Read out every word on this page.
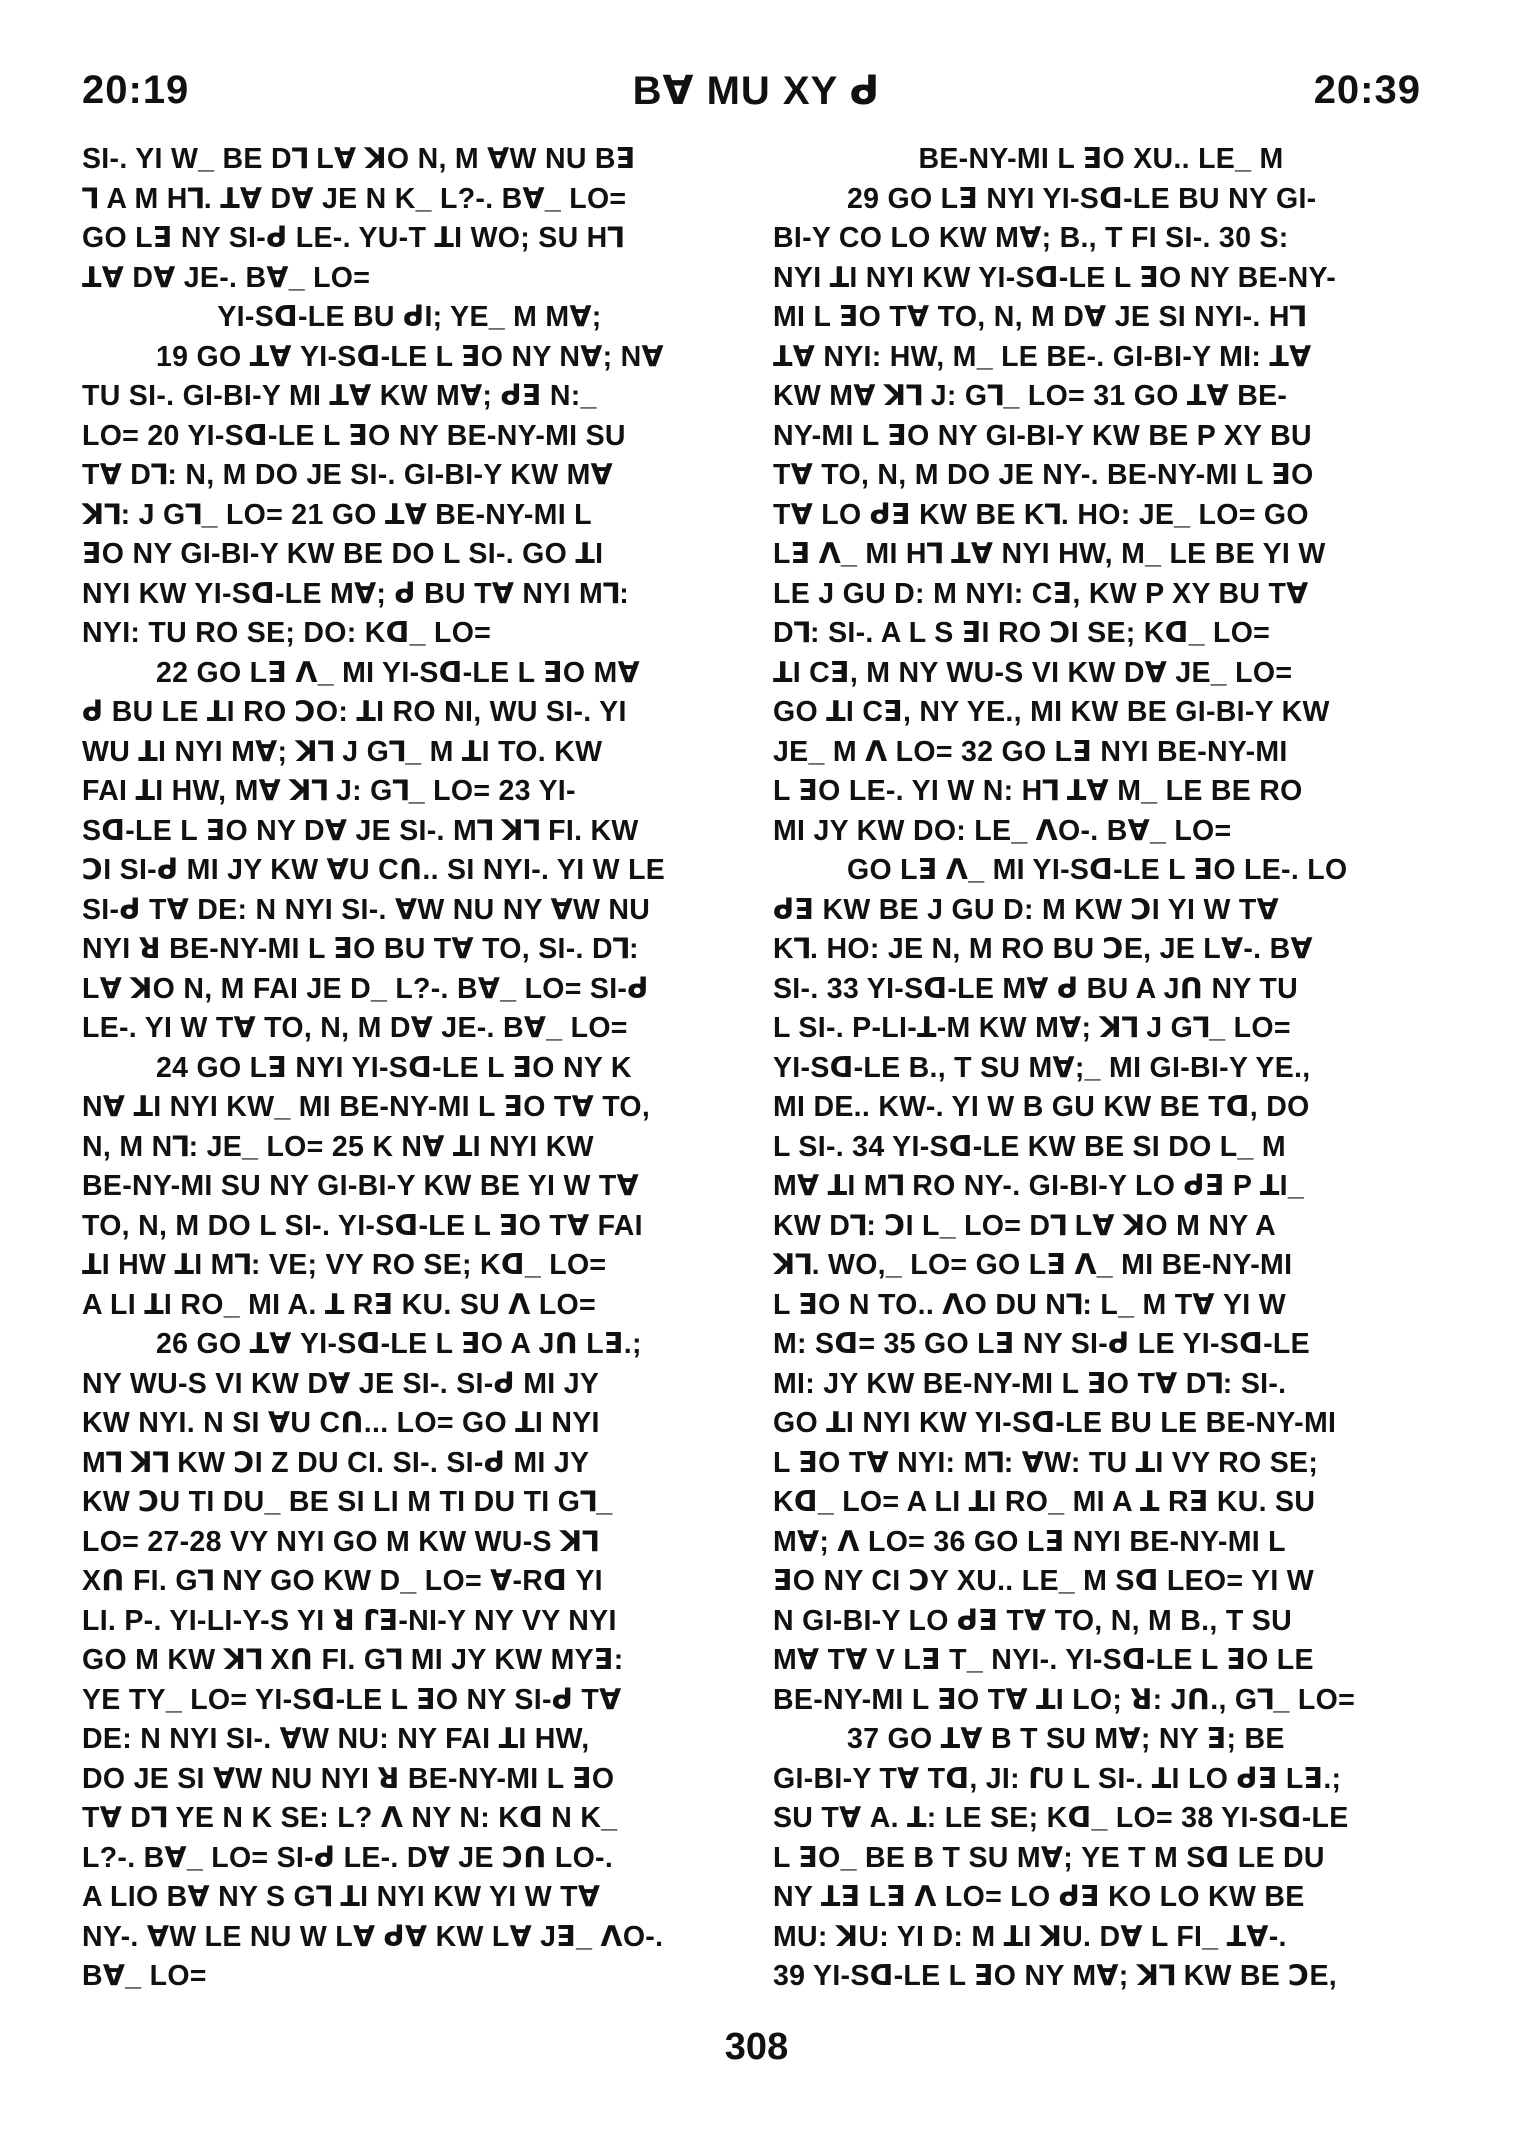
20:19	Bꓯ MU XY ᑯ	20:39
SI-. YI W_ BE Dꓶ Lꓯ ꓘO N, M ꓯW NU Bꓱ
ꓶ A M Hꓶ. ꓕꓯ Dꓯ JE N K_ L?-. Bꓯ_ LO=
GO Lꓱ NY SI-ᑯ LE-. YU-T ꓕI WO; SU Hꓶ
ꓕꓯ Dꓯ JE-. Bꓯ_ LO=
YI-Sꓷ-LE BU ᑯI; YE_ M Mꓯ;
19 GO ꓕꓯ YI-Sꓷ-LE L ꓱO NY Nꓯ; Nꓯ
TU SI-. GI-BI-Y MI ꓕꓯ KW Mꓯ; ᑯꓱ N:_
LO= 20 YI-Sꓷ-LE L ꓱO NY BE-NY-MI SU
Tꓯ Dꓶ: N, M DO JE SI-. GI-BI-Y KW Mꓯ
ꓘꓶ: J Gꓶ_ LO= 21 GO ꓕꓯ BE-NY-MI L
ꓱO NY GI-BI-Y KW BE DO L SI-. GO ꓕI
NYI KW YI-Sꓷ-LE Mꓯ; ᑯ BU Tꓯ NYI Mꓶ:
NYI: TU RO SE; DO: Kꓷ_ LO=
22 GO Lꓱ ꓥ_ MI YI-Sꓷ-LE L ꓱO Mꓯ
ᑯ BU LE ꓕI RO ꓛO: ꓕI RO NI, WU SI-. YI
WU ꓕI NYI Mꓯ; ꓘꓶ J Gꓶ_ M ꓕI TO. KW
FAI ꓕI HW, Mꓯ ꓘꓶ J: Gꓶ_ LO= 23 YI-
Sꓷ-LE L ꓱO NY Dꓯ JE SI-. Mꓶ ꓘꓶ FI. KW
ꓛI SI-ᑯ MI JY KW ꓯU Cꓵ.. SI NYI-. YI W LE
SI-ᑯ Tꓯ DE: N NYI SI-. ꓯW NU NY ꓯW NU
NYI ꓤ BE-NY-MI L ꓱO BU Tꓯ TO, SI-. Dꓶ:
Lꓯ ꓘO N, M FAI JE D_ L?-. Bꓯ_ LO= SI-ᑯ
LE-. YI W Tꓯ TO, N, M Dꓯ JE-. Bꓯ_ LO=
24 GO Lꓱ NYI YI-Sꓷ-LE L ꓱO NY K
Nꓯ ꓕI NYI KW_ MI BE-NY-MI L ꓱO Tꓯ TO,
N, M Nꓶ: JE_ LO= 25 K Nꓯ ꓕI NYI KW
BE-NY-MI SU NY GI-BI-Y KW BE YI W Tꓯ
TO, N, M DO L SI-. YI-Sꓷ-LE L ꓱO Tꓯ FAI
ꓕI HW ꓕI Mꓶ: VE; VY RO SE; Kꓷ_ LO=
A LI ꓕI RO_ MI A. ꓕ Rꓱ KU. SU ꓥ LO=
26 GO ꓕꓯ YI-Sꓷ-LE L ꓱO A Jꓵ Lꓱ.;
NY WU-S VI KW Dꓯ JE SI-. SI-ᑯ MI JY
KW NYI. N SI ꓯU Cꓵ... LO= GO ꓕI NYI
Mꓶ ꓘꓶ KW ꓛI Z DU CI. SI-. SI-ᑯ MI JY
KW ꓛU TI DU_ BE SI LI M TI DU TI Gꓶ_
LO= 27-28 VY NYI GO M KW WU-S ꓘꓶ
Xꓵ FI. Gꓶ NY GO KW D_ LO= ꓯ-Rꓷ YI
LI. P-. YI-LI-Y-S YI ꓤ ꓩꓱ-NI-Y NY VY NYI
GO M KW ꓘꓶ Xꓵ FI. Gꓶ MI JY KW MYꓱ:
YE TY_ LO= YI-Sꓷ-LE L ꓱO NY SI-ᑯ Tꓯ
DE: N NYI SI-. ꓯW NU: NY FAI ꓕI HW,
DO JE SI ꓯW NU NYI ꓤ BE-NY-MI L ꓱO
Tꓯ Dꓶ YE N K SE: L? ꓥ NY N: Kꓷ N K_
L?-. Bꓯ_ LO= SI-ᑯ LE-. Dꓯ JE ꓛꓵ LO-.
A LIO Bꓯ NY S Gꓶ ꓕI NYI KW YI W Tꓯ
NY-. ꓯW LE NU W Lꓯ ᑯꓯ KW Lꓯ Jꓱ_ ꓥO-.
Bꓯ_ LO=
BE-NY-MI L ꓱO XU.. LE_ M
29 GO Lꓱ NYI YI-Sꓷ-LE BU NY GI-
BI-Y CO LO KW Mꓯ; B., T FI SI-. 30 S:
NYI ꓕI NYI KW YI-Sꓷ-LE L ꓱO NY BE-NY-
MI L ꓱO Tꓯ TO, N, M Dꓯ JE SI NYI-. Hꓶ
ꓕꓯ NYI: HW, M_ LE BE-. GI-BI-Y MI: ꓕꓯ
KW Mꓯ ꓘꓶ J: Gꓶ_ LO= 31 GO ꓕꓯ BE-
NY-MI L ꓱO NY GI-BI-Y KW BE P XY BU
Tꓯ TO, N, M DO JE NY-. BE-NY-MI L ꓱO
Tꓯ LO ᑯꓱ KW BE Kꓶ. HO: JE_ LO= GO
Lꓱ ꓥ_ MI Hꓶ ꓕꓯ NYI HW, M_ LE BE YI W
LE J GU D: M NYI: Cꓱ, KW P XY BU Tꓯ
Dꓶ: SI-. A L S ꓱI RO ꓛI SE; Kꓷ_ LO=
ꓕI Cꓱ, M NY WU-S VI KW Dꓯ JE_ LO=
GO ꓕI Cꓱ, NY YE., MI KW BE GI-BI-Y KW
JE_ M ꓥ LO= 32 GO Lꓱ NYI BE-NY-MI
L ꓱO LE-. YI W N: Hꓶ ꓕꓯ M_ LE BE RO
MI JY KW DO: LE_ ꓥO-. Bꓯ_ LO=
GO Lꓱ ꓥ_ MI YI-Sꓷ-LE L ꓱO LE-. LO
ᑯꓱ KW BE J GU D: M KW ꓛI YI W Tꓯ
Kꓶ. HO: JE N, M RO BU ꓛE, JE Lꓯ-. Bꓯ
SI-. 33 YI-Sꓷ-LE Mꓯ ᑯ BU A Jꓵ NY TU
L SI-. P-LI-ꓕ-M KW Mꓯ; ꓘꓶ J Gꓶ_ LO=
YI-Sꓷ-LE B., T SU Mꓯ;_ MI GI-BI-Y YE.,
MI DE.. KW-. YI W B GU KW BE Tꓷ, DO
L SI-. 34 YI-Sꓷ-LE KW BE SI DO L_ M
Mꓯ ꓕI Mꓶ RO NY-. GI-BI-Y LO ᑯꓱ P ꓕI_
KW Dꓶ: ꓛI L_ LO= Dꓶ Lꓯ ꓘO M NY A
ꓘꓶ. WO,_ LO= GO Lꓱ ꓥ_ MI BE-NY-MI
L ꓱO N TO.. ꓥO DU Nꓶ: L_ M Tꓯ YI W
M: Sꓷ= 35 GO Lꓱ NY SI-ᑯ LE YI-Sꓷ-LE
MI: JY KW BE-NY-MI L ꓱO Tꓯ Dꓶ: SI-.
GO ꓕI NYI KW YI-Sꓷ-LE BU LE BE-NY-MI
L ꓱO Tꓯ NYI: Mꓶ: ꓯW: TU ꓕI VY RO SE;
Kꓷ_ LO= A LI ꓕI RO_ MI A ꓕ Rꓱ KU. SU
Mꓯ; ꓥ LO= 36 GO Lꓱ NYI BE-NY-MI L
ꓱO NY CI ꓛY XU.. LE_ M Sꓷ LEO= YI W
N GI-BI-Y LO ᑯꓱ Tꓯ TO, N, M B., T SU
Mꓯ Tꓯ V Lꓱ T_ NYI-. YI-Sꓷ-LE L ꓱO LE
BE-NY-MI L ꓱO Tꓯ ꓕI LO; ꓤ: Jꓵ., Gꓶ_ LO=
37 GO ꓕꓯ B T SU Mꓯ; NY ꓱ; BE
GI-BI-Y Tꓯ Tꓷ, JI: ꓩU L SI-. ꓕI LO ᑯꓱ Lꓱ.;
SU Tꓯ A. ꓕ: LE SE; Kꓷ_ LO= 38 YI-Sꓷ-LE
L ꓱO_ BE B T SU Mꓯ; YE T M Sꓷ LE DU
NY ꓕꓱ Lꓱ ꓥ LO= LO ᑯꓱ KO LO KW BE
MU: ꓘU: YI D: M ꓕI ꓘU. Dꓯ L FI_ ꓕꓯ-.
39 YI-Sꓷ-LE L ꓱO NY Mꓯ; ꓘꓶ KW BE ꓛE,
308
